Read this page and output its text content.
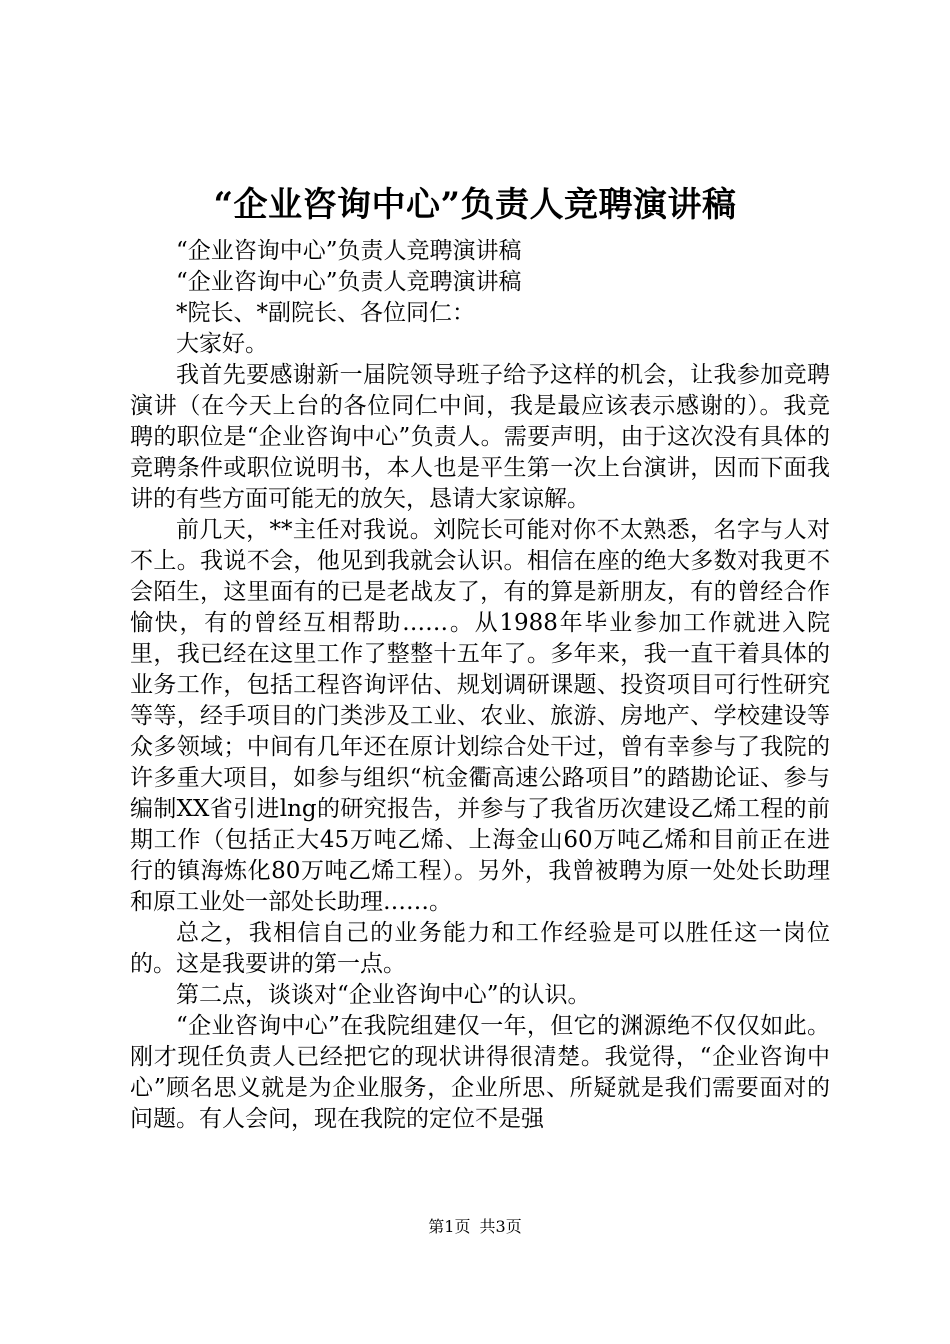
“企业咨询中心”负责人竞聘演讲稿

“企业咨询中心”负责人竞聘演讲稿

“企业咨询中心”负责人竞聘演讲稿

*院长、*副院长、各位同仁：

大家好。

我首先要感谢新一届院领导班子给予这样的机会，让我参加竞聘演讲（在今天上台的各位同仁中间，我是最应该表示感谢的）。我竞聘的职位是“企业咨询中心”负责人。需要声明，由于这次没有具体的竞聘条件或职位说明书，本人也是平生第一次上台演讲，因而下面我讲的有些方面可能无的放矢，恳请大家谅解。

前几天，**主任对我说。刘院长可能对你不太熟悉，名字与人对不上。我说不会，他见到我就会认识。相信在座的绝大多数对我更不会陌生，这里面有的已是老战友了，有的算是新朋友，有的曾经合作愉快，有的曾经互相帮助……。从1988年毕业参加工作就进入院里，我已经在这里工作了整整十五年了。多年来，我一直干着具体的业务工作，包括工程咨询评估、规划调研课题、投资项目可行性研究等等，经手项目的门类涉及工业、农业、旅游、房地产、学校建设等众多领域；中间有几年还在原计划综合处干过，曾有幸参与了我院的许多重大项目，如参与组织“杭金衢高速公路项目”的踏勘论证、参与编制XX省引进lng的研究报告，并参与了我省历次建设乙烯工程的前期工作（包括正大45万吨乙烯、上海金山60万吨乙烯和目前正在进行的镇海炼化80万吨乙烯工程）。另外，我曾被聘为原一处处长助理和原工业处一部处长助理……。

总之，我相信自己的业务能力和工作经验是可以胜任这一岗位的。这是我要讲的第一点。

第二点，谈谈对“企业咨询中心”的认识。

“企业咨询中心”在我院组建仅一年，但它的渊源绝不仅仅如此。刚才现任负责人已经把它的现状讲得很清楚。我觉得，“企业咨询中心”顾名思义就是为企业服务，企业所思、所疑就是我们需要面对的问题。有人会问，现在我院的定位不是强

第1页 共3页
